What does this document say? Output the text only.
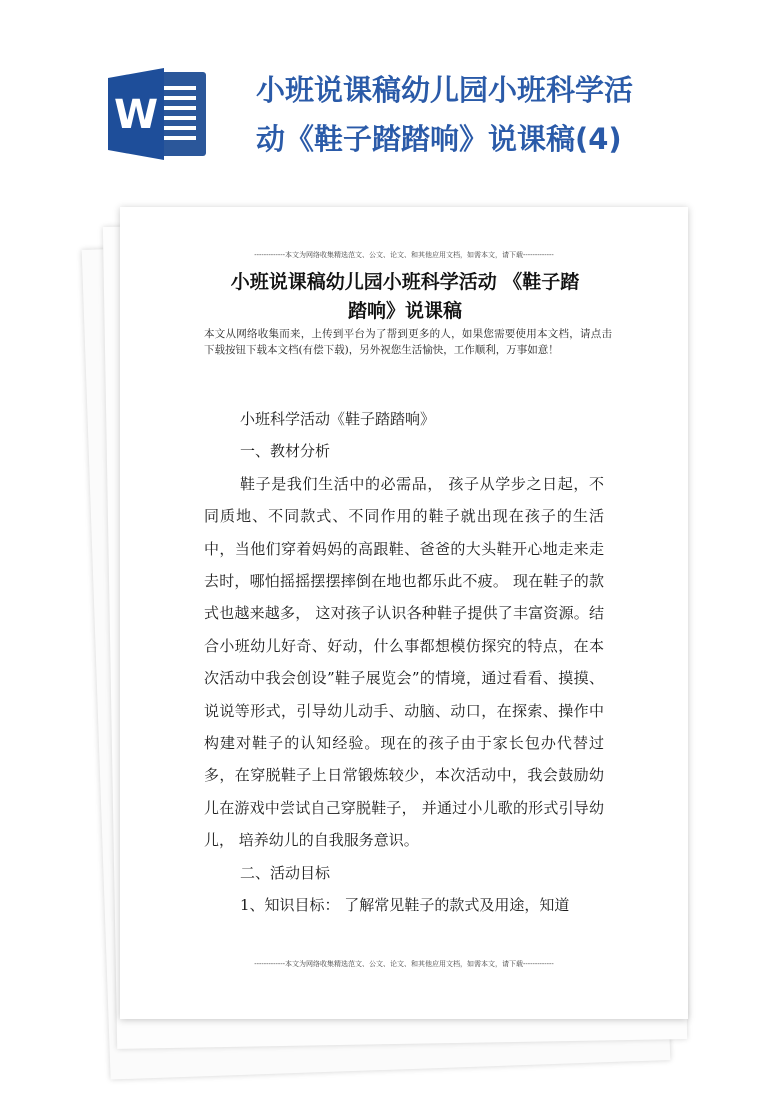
W
小班说课稿幼儿园小班科学活
动《鞋子踏踏响》说课稿(4)
-------------本文为网络收集精选范文、公文、论文、和其他应用文档，如需本文，请下载-------------
小班说课稿幼儿园小班科学活动 《鞋子踏
踏响》说课稿

本文从网络收集而来，上传到平台为了帮到更多的人，如果您需要使用本文档，请点击下载按钮下载本文档(有偿下载)，另外祝您生活愉快，工作顺利，万事如意！

小班科学活动《鞋子踏踏响》

一、教材分析

鞋子是我们生活中的必需品， 孩子从学步之日起，不同质地、不同款式、不同作用的鞋子就出现在孩子的生活中，当他们穿着妈妈的高跟鞋、爸爸的大头鞋开心地走来走去时，哪怕摇摇摆摆摔倒在地也都乐此不疲。 现在鞋子的款式也越来越多， 这对孩子认识各种鞋子提供了丰富资源。结合小班幼儿好奇、好动，什么事都想模仿探究的特点，在本次活动中我会创设”鞋子展览会”的情境，通过看看、摸摸、说说等形式，引导幼儿动手、动脑、动口，在探索、操作中构建对鞋子的认知经验。现在的孩子由于家长包办代替过多，在穿脱鞋子上日常锻炼较少，本次活动中，我会鼓励幼儿在游戏中尝试自己穿脱鞋子， 并通过小儿歌的形式引导幼儿， 培养幼儿的自我服务意识。

二、活动目标

1、知识目标： 了解常见鞋子的款式及用途，知道

-------------本文为网络收集精选范文、公文、论文、和其他应用文档，如需本文，请下载-------------
